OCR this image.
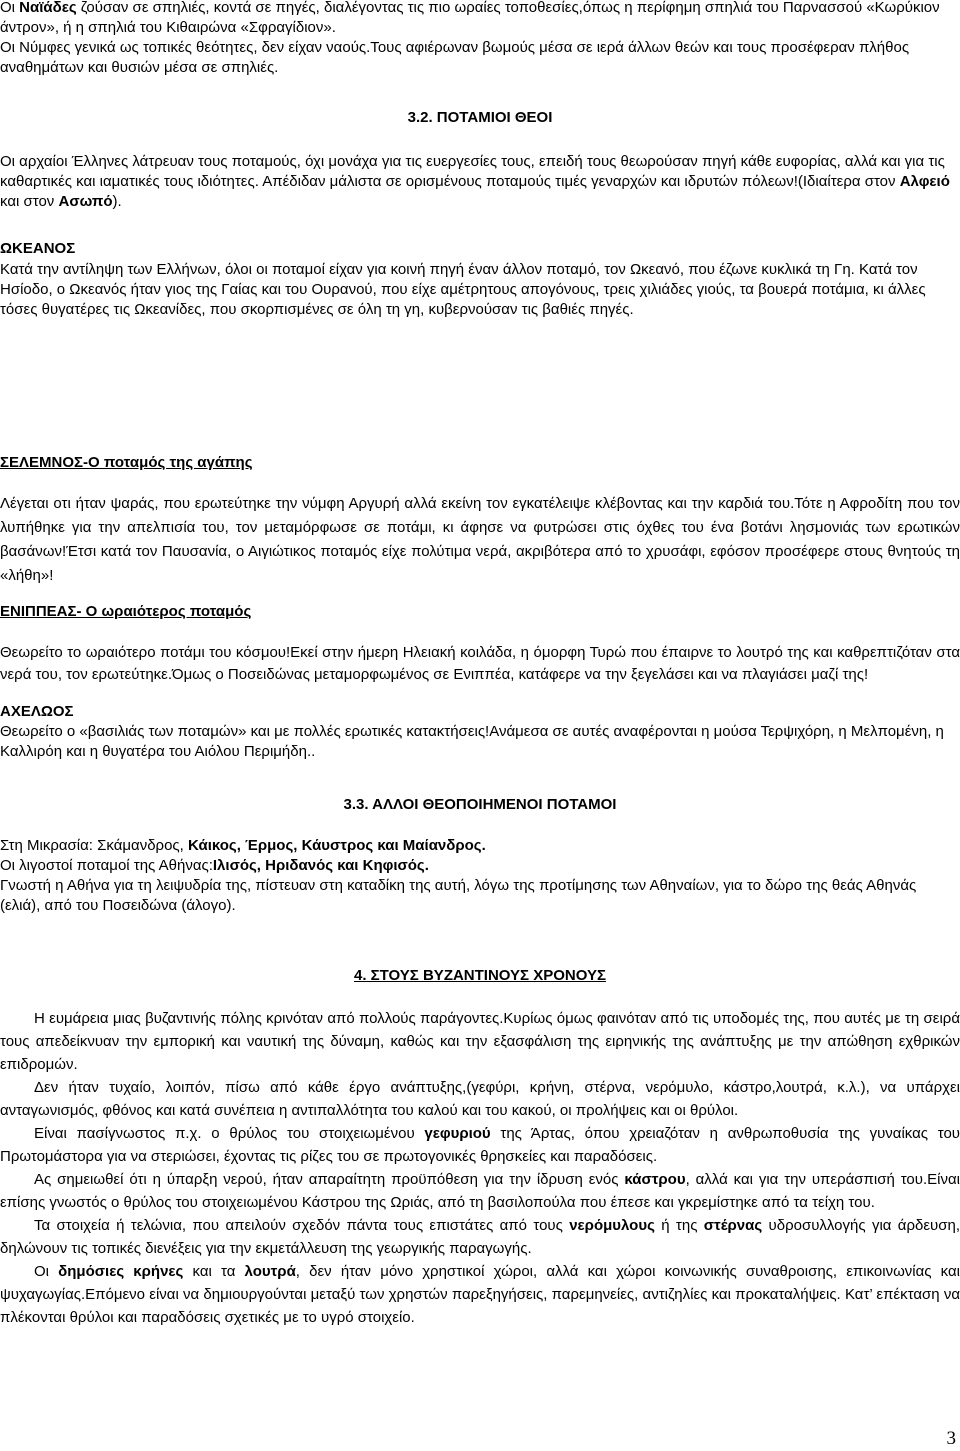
Οι Ναϊάδες ζούσαν σε σπηλιές, κοντά σε πηγές, διαλέγοντας τις πιο ωραίες τοποθεσίες,όπως η περίφημη σπηλιά του Παρνασσού «Κωρύκιον άντρον», ή η σπηλιά του Κιθαιρώνα «Σφραγίδιον».

Οι Νύμφες γενικά ως τοπικές θεότητες, δεν είχαν ναούς.Τους αφιέρωναν βωμούς μέσα σε ιερά άλλων θεών και τους προσέφεραν πλήθος αναθημάτων και θυσιών μέσα σε σπηλιές.

3.2. ΠΟΤΑΜΙΟΙ ΘΕΟΙ

Οι αρχαίοι Έλληνες λάτρευαν τους ποταμούς, όχι μονάχα για τις ευεργεσίες τους, επειδή τους θεωρούσαν πηγή κάθε ευφορίας, αλλά και για τις καθαρτικές και ιαματικές τους ιδιότητες. Απέδιδαν μάλιστα σε ορισμένους ποταμούς τιμές γεναρχών και ιδρυτών πόλεων!(Ιδιαίτερα στον Αλφειό και στον Ασωπό).

ΩΚΕΑΝΟΣ

Κατά την αντίληψη των Ελλήνων, όλοι οι ποταμοί είχαν για κοινή πηγή έναν άλλον ποταμό, τον Ωκεανό, που έζωνε κυκλικά τη Γη. Κατά τον Ησίοδο, ο Ωκεανός ήταν γιος της Γαίας και του Ουρανού, που είχε αμέτρητους απογόνους, τρεις χιλιάδες γιούς, τα βουερά ποτάμια, κι άλλες τόσες θυγατέρες τις Ωκεανίδες, που σκορπισμένες σε όλη τη γη, κυβερνούσαν τις βαθιές πηγές.

ΑΧΕΛΩΟΣ
Θεωρείτο ο «βασιλιάς των ποταμών» και με πολλές ερωτικές κατακτήσεις!Ανάμεσα σε αυτές αναφέρονται η μούσα Τερψιχόρη, η Μελπομένη, η Καλλιρόη και η θυγατέρα του Αιόλου Περιμήδη..
ΣΕΛΕΜΝΟΣ-Ο ποταμός της αγάπης
Λέγεται οτι ήταν ψαράς, που ερωτεύτηκε την νύμφη Αργυρή αλλά εκείνη τον εγκατέλειψε κλέβοντας και την καρδιά του.Τότε η Αφροδίτη που τον λυπήθηκε για την απελπισία του, τον μεταμόρφωσε σε ποτάμι, κι άφησε να φυτρώσει στις όχθες του ένα βοτάνι λησμονιάς των ερωτικών βασάνων!Έτσι κατά τον Παυσανία, ο Αιγιώτικος ποταμός είχε πολύτιμα νερά, ακριβότερα από το χρυσάφι, εφόσον προσέφερε στους θνητούς τη «λήθη»!
ΕΝΙΠΠΕΑΣ- Ο ωραιότερος ποταμός
Θεωρείτο το ωραιότερο ποτάμι του κόσμου!Εκεί στην ήμερη Ηλειακή κοιλάδα, η όμορφη Τυρώ που έπαιρνε το λουτρό της και καθρεπτιζόταν στα νερά του, τον ερωτεύτηκε.Όμως ο Ποσειδώνας μεταμορφωμένος σε Ενιππέα, κατάφερε να την ξεγελάσει και να πλαγιάσει μαζί της!
3.3. ΑΛΛΟΙ ΘΕΟΠΟΙΗΜΕΝΟΙ ΠΟΤΑΜΟΙ

Στη Μικρασία: Σκάμανδρος, Κάικος, Έρμος, Κάυστρος και Μαίανδρος.

Οι λιγοστοί ποταμοί της Αθήνας:Ιλισός, Ηριδανός και Κηφισός.

Γνωστή η Αθήνα για τη λειψυδρία της, πίστευαν στη καταδίκη της αυτή, λόγω της προτίμησης των Αθηναίων, για το δώρο της θεάς Αθηνάς (ελιά), από του Ποσειδώνα (άλογο).

4. ΣΤΟΥΣ ΒΥΖΑΝΤΙΝΟΥΣ ΧΡΟΝΟΥΣ

Η ευμάρεια μιας βυζαντινής πόλης κρινόταν από πολλούς παράγοντες.Κυρίως όμως φαινόταν από τις υποδομές της, που αυτές με τη σειρά τους απεδείκνυαν την εμπορική και ναυτική της δύναμη, καθώς και την εξασφάλιση της ειρηνικής της ανάπτυξης με την απώθηση εχθρικών επιδρομών.

Δεν ήταν τυχαίο, λοιπόν, πίσω από κάθε έργο ανάπτυξης,(γεφύρι, κρήνη, στέρνα, νερόμυλο, κάστρο,λουτρά, κ.λ.), να υπάρχει ανταγωνισμός, φθόνος και κατά συνέπεια η αντιπαλλότητα του καλού και του κακού, οι προλήψεις και οι θρύλοι.

Είναι πασίγνωστος π.χ. ο θρύλος του στοιχειωμένου γεφυριού της Άρτας, όπου χρειαζόταν η ανθρωποθυσία της γυναίκας του Πρωτομάστορα για να στεριώσει, έχοντας τις ρίζες του σε πρωτογονικές θρησκείες και παραδόσεις.

Ας σημειωθεί ότι η ύπαρξη νερού, ήταν απαραίτητη προϋπόθεση για την ίδρυση ενός κάστρου, αλλά και για την υπεράσπισή του.Είναι επίσης γνωστός ο θρύλος του στοιχειωμένου Κάστρου της Ωριάς, από τη βασιλοπούλα που έπεσε και γκρεμίστηκε από τα τείχη του.

Τα στοιχεία ή τελώνια, που απειλούν σχεδόν πάντα τους επιστάτες από τους νερόμυλους ή της στέρνας υδροσυλλογής για άρδευση, δηλώνουν τις τοπικές διενέξεις για την εκμετάλλευση της γεωργικής παραγωγής.

Οι δημόσιες κρήνες και τα λουτρά, δεν ήταν μόνο χρηστικοί χώροι, αλλά και χώροι κοινωνικής συναθροισης, επικοινωνίας και ψυχαγωγίας.Επόμενο είναι να δημιουργούνται μεταξύ των χρηστών παρεξηγήσεις, παρεμηνείες, αντιζηλίες και προκαταλήψεις. Κατ’ επέκταση να πλέκονται θρύλοι και παραδόσεις σχετικές με το υγρό στοιχείο.

3
